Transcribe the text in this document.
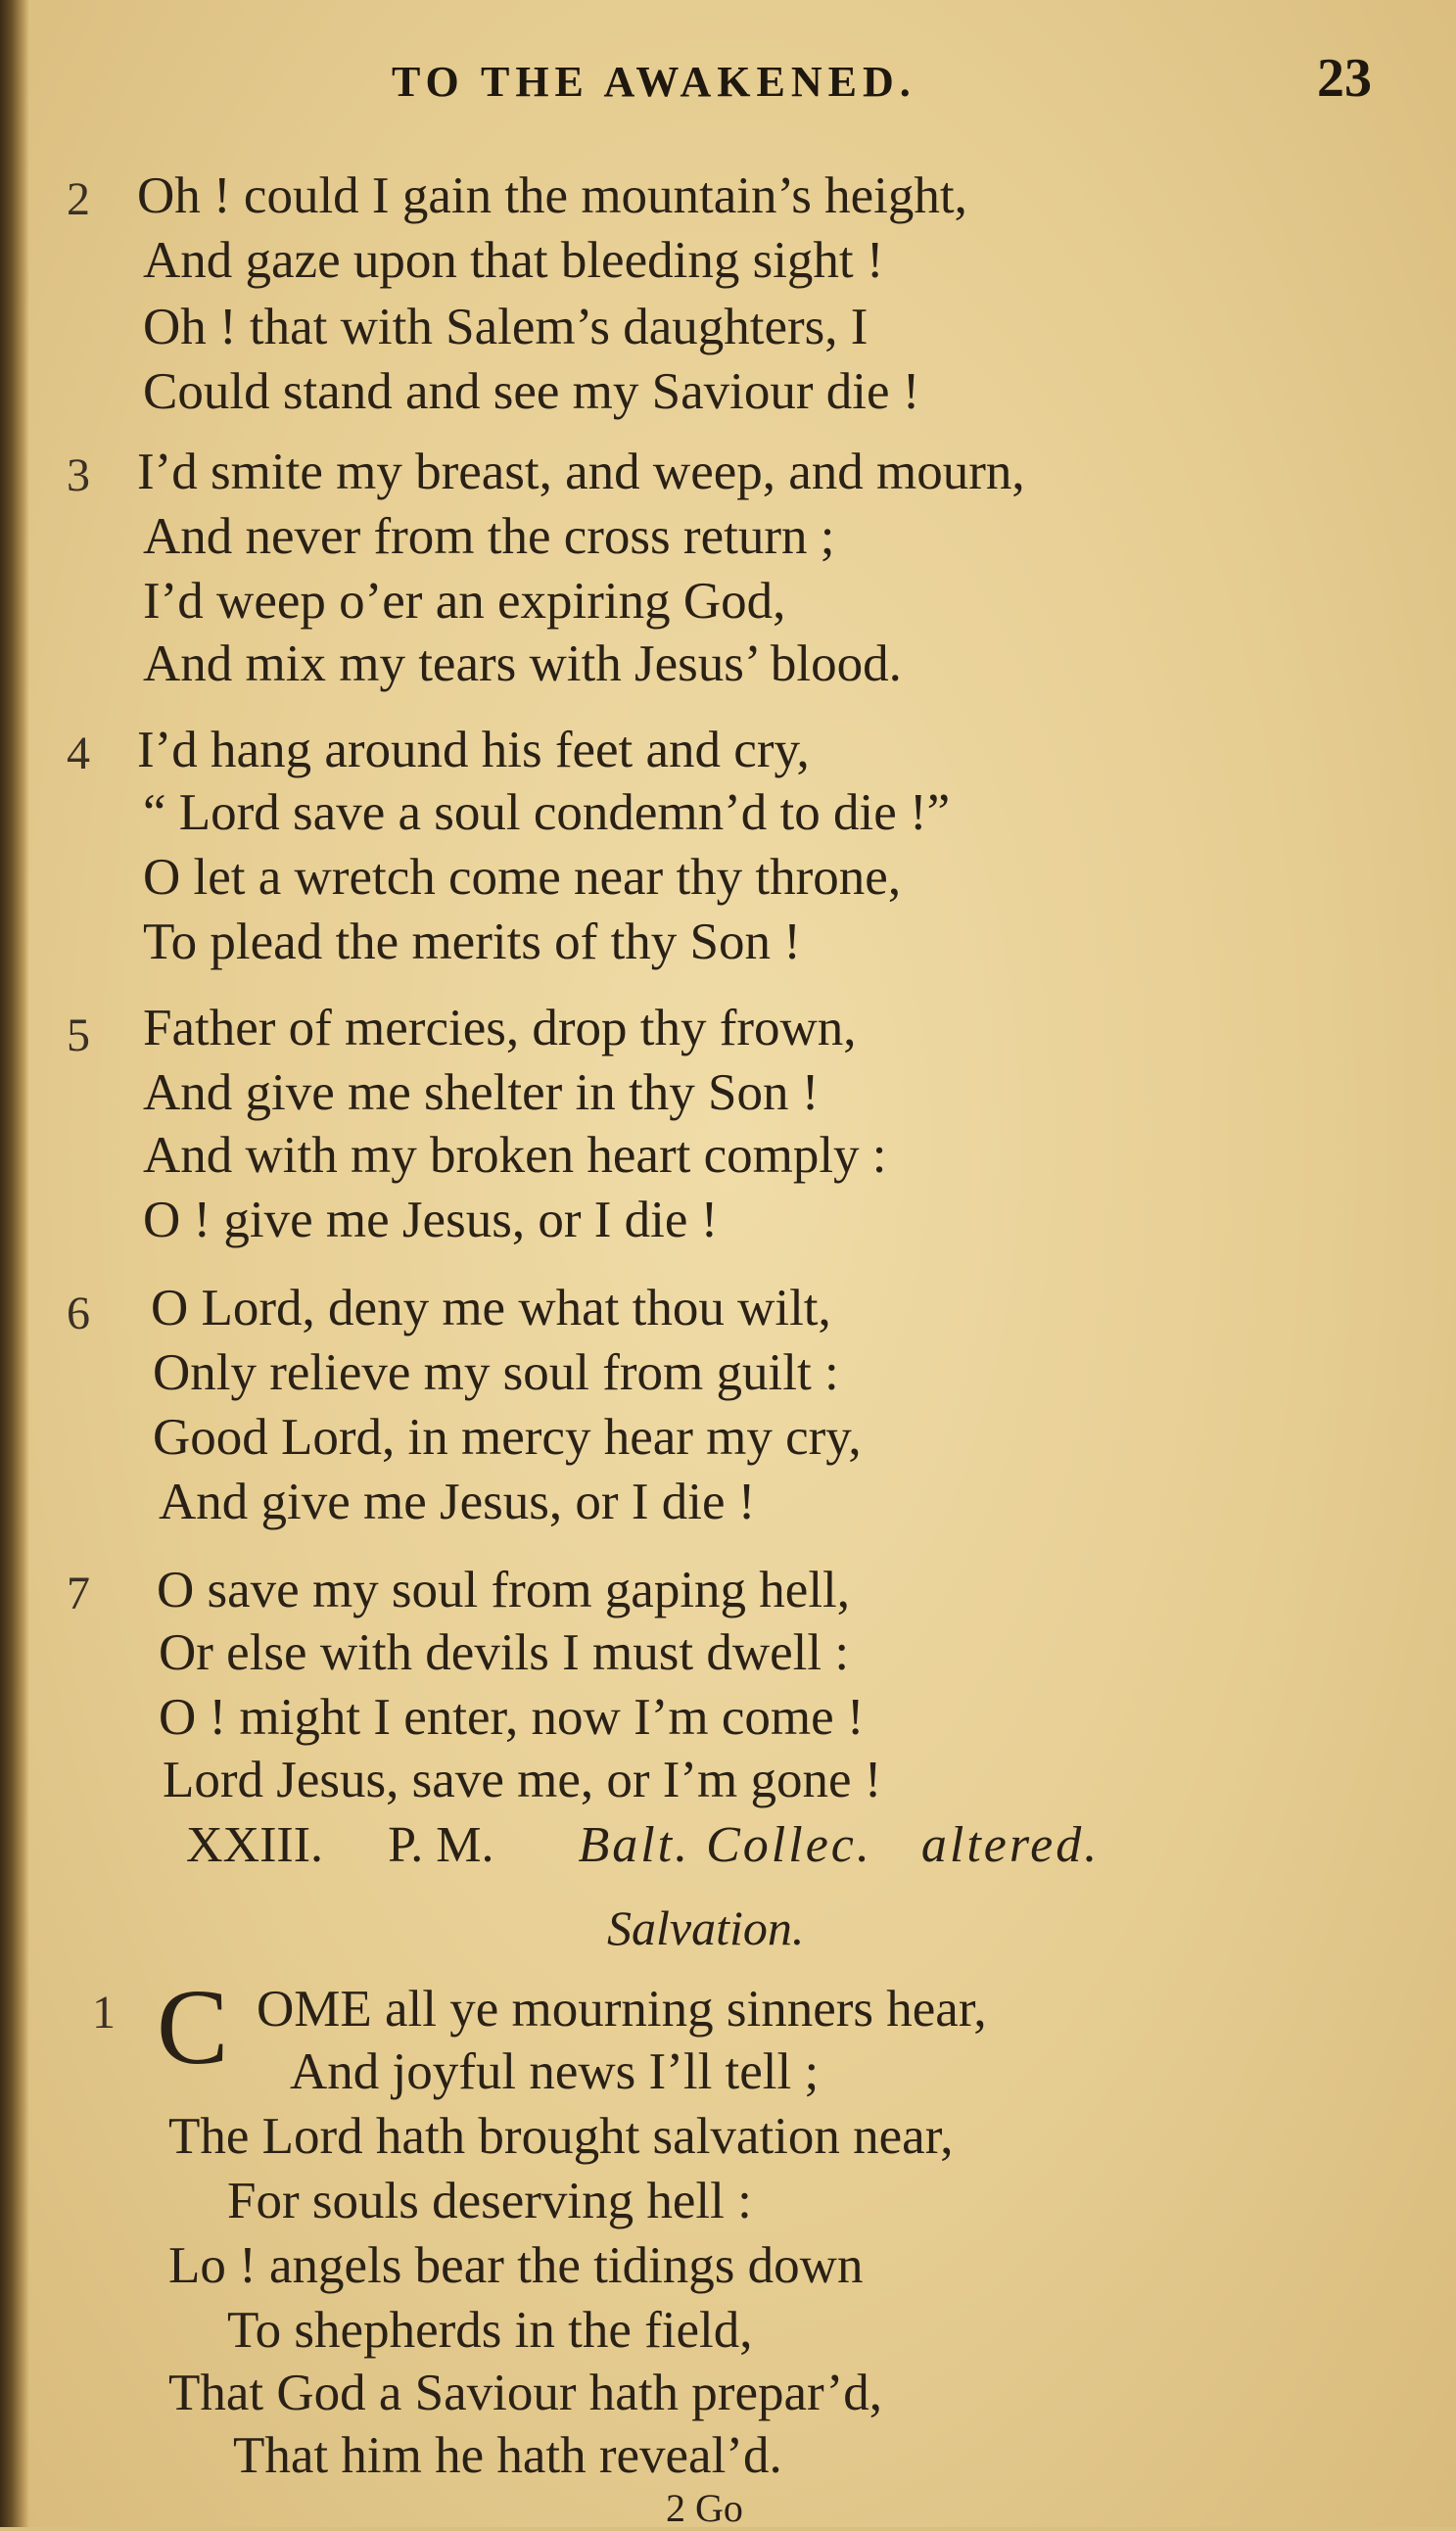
TO THE AWAKENED.	23
2 Oh ! could I gain the mountain’s height,
And gaze upon that bleeding sight !
Oh ! that with Salem’s daughters, I
Could stand and see my Saviour die !
3 I’d smite my breast, and weep, and mourn,
And never from the cross return ;
I’d weep o’er an expiring God,
And mix my tears with Jesus’ blood.
4 I’d hang around his feet and cry,
“ Lord save a soul condemn’d to die !”
O let a wretch come near thy throne,
To plead the merits of thy Son !
5 Father of mercies, drop thy frown,
And give me shelter in thy Son !
And with my broken heart comply :
O ! give me Jesus, or I die !
6 O Lord, deny me what thou wilt,
Only relieve my soul from guilt :
Good Lord, in mercy hear my cry,
And give me Jesus, or I die !
7 O save my soul from gaping hell,
Or else with devils I must dwell :
O ! might I enter, now I’m come !
Lord Jesus, save me, or I’m gone !
XXIII. P. M. Balt. Collec. altered.
Salvation.
1 C OME all ye mourning sinners hear,
And joyful news I’ll tell ;
The Lord hath brought salvation near,
For souls deserving hell :
Lo ! angels bear the tidings down
To shepherds in the field,
That God a Saviour hath prepar’d,
That him he hath reveal’d.
2 Go
